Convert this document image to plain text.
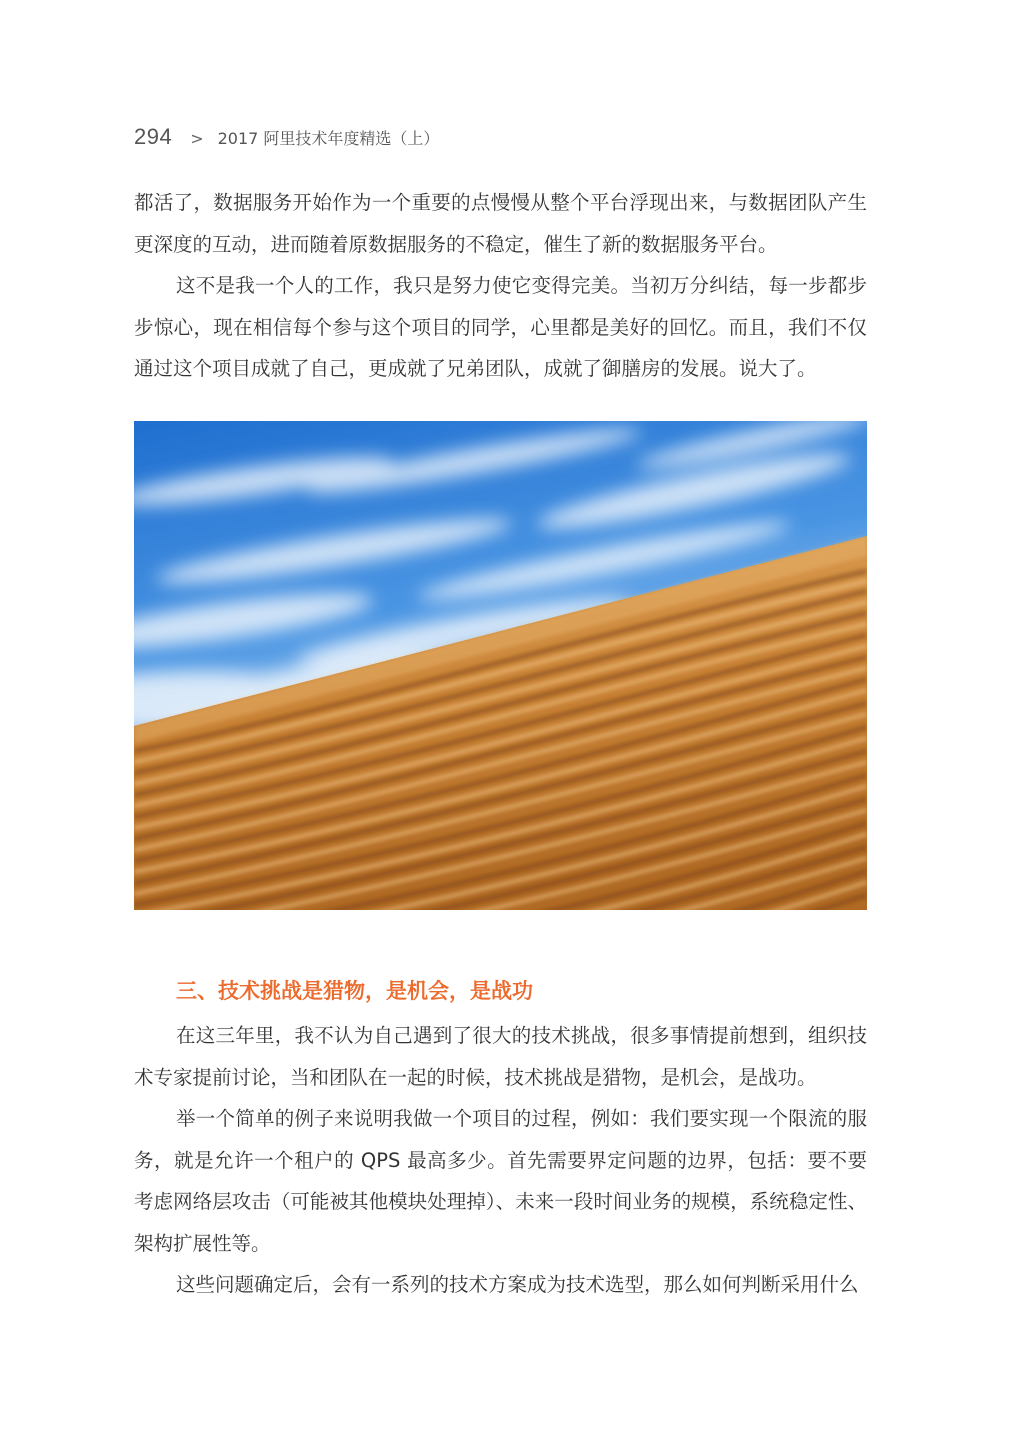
294 > 2017 阿里技术年度精选（上）

都活了，数据服务开始作为一个重要的点慢慢从整个平台浮现出来，与数据团队产生更深度的互动，进而随着原数据服务的不稳定，催生了新的数据服务平台。

这不是我一个人的工作，我只是努力使它变得完美。当初万分纠结，每一步都步步惊心，现在相信每个参与这个项目的同学，心里都是美好的回忆。而且，我们不仅通过这个项目成就了自己，更成就了兄弟团队，成就了御膳房的发展。说大了。

三、技术挑战是猎物，是机会，是战功

在这三年里，我不认为自己遇到了很大的技术挑战，很多事情提前想到，组织技术专家提前讨论，当和团队在一起的时候，技术挑战是猎物，是机会，是战功。

举一个简单的例子来说明我做一个项目的过程，例如：我们要实现一个限流的服务，就是允许一个租户的 QPS 最高多少。首先需要界定问题的边界，包括：要不要考虑网络层攻击（可能被其他模块处理掉）、未来一段时间业务的规模，系统稳定性、架构扩展性等。

这些问题确定后，会有一系列的技术方案成为技术选型，那么如何判断采用什么
